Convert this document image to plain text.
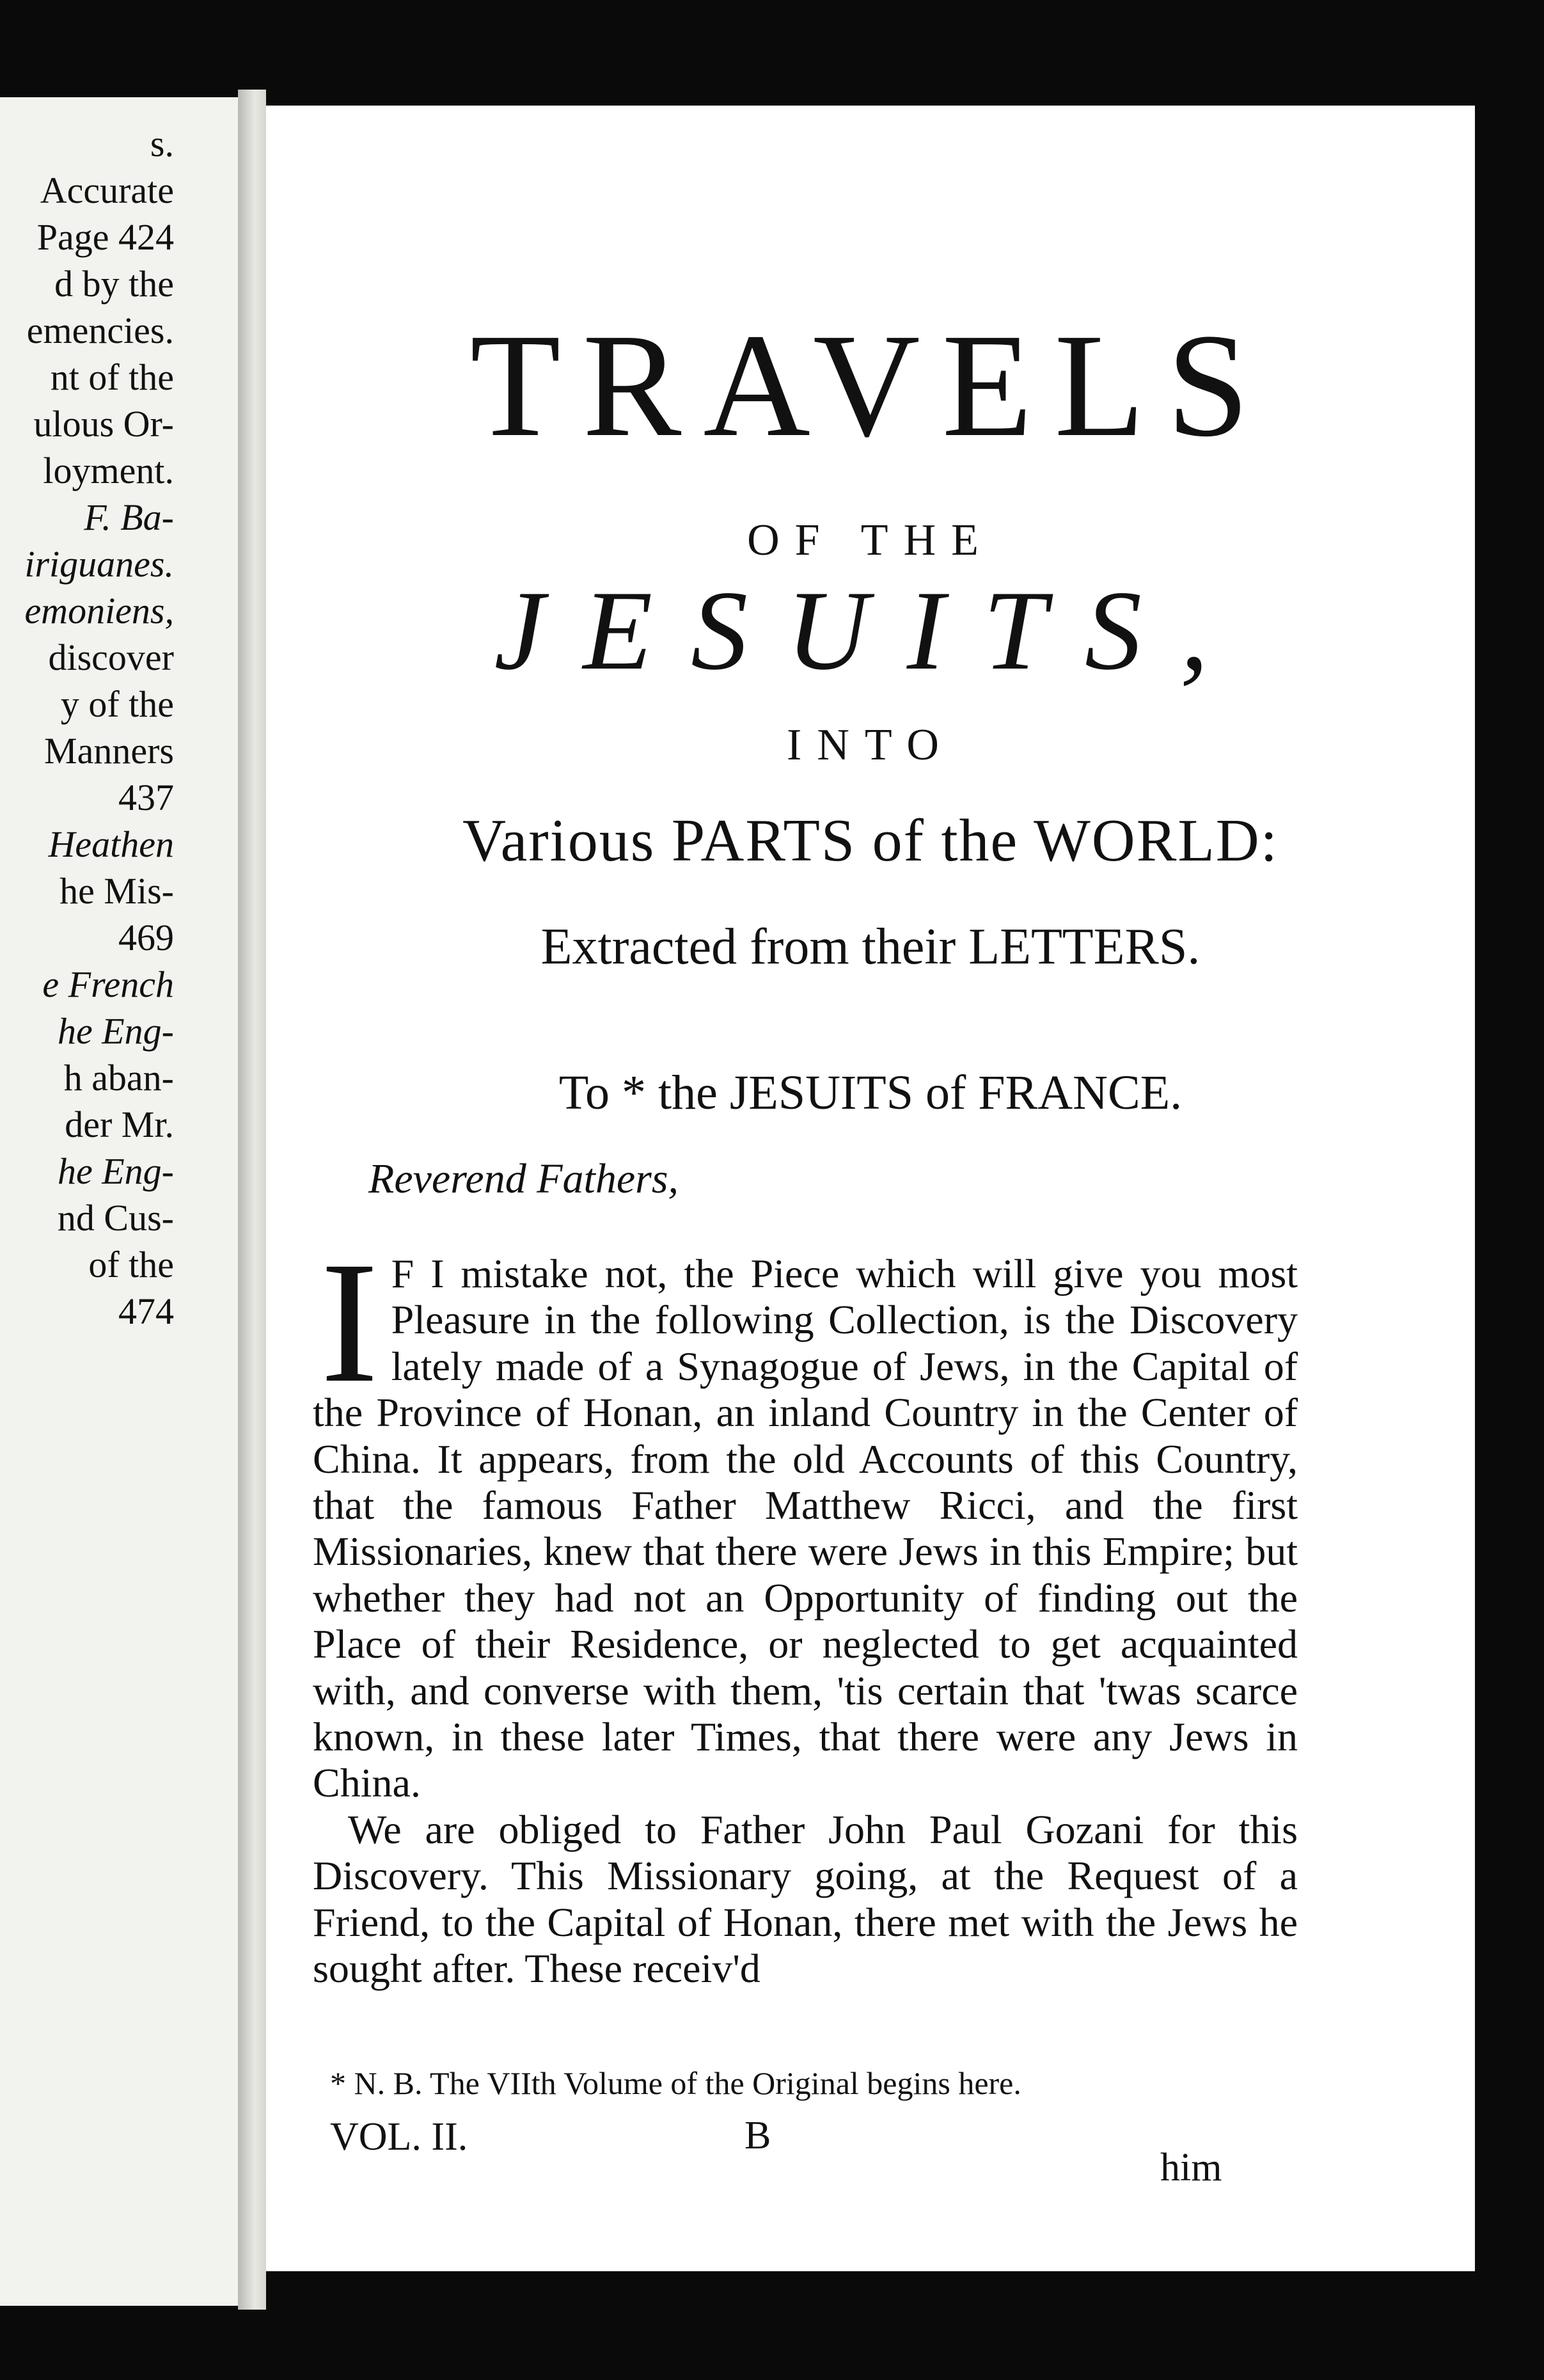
s.
Accurate
Page 424
d by the
emencies.
nt of the
ulous Or-
loyment.
F. Ba-
iriguanes.
emoniens,
discover
y of the
Manners
437
Heathen
he Mis-
469
e French
he Eng-
h aban-
der Mr.
he Eng-
nd Cus-
of the
474
TRAVELS
OF THE
JESUITS,
INTO
Various PARTS of the WORLD:
Extracted from their LETTERS.
To * the JESUITS of FRANCE.
Reverend Fathers,

I F I mistake not, the Piece which will give you most Pleasure in the following Collection, is the Discovery lately made of a Synagogue of Jews, in the Capital of the Province of Honan, an inland Country in the Center of China. It appears, from the old Accounts of this Country, that the famous Father Matthew Ricci, and the first Missionaries, knew that there were Jews in this Empire; but whether they had not an Opportunity of finding out the Place of their Residence, or neglected to get acquainted with, and converse with them, 'tis certain that 'twas scarce known, in these later Times, that there were any Jews in China.

We are obliged to Father John Paul Gozani for this Discovery. This Missionary going, at the Request of a Friend, to the Capital of Honan, there met with the Jews he sought after. These receiv'd

* N. B. The VIIth Volume of the Original begins here.
VOL. II.	B
him
